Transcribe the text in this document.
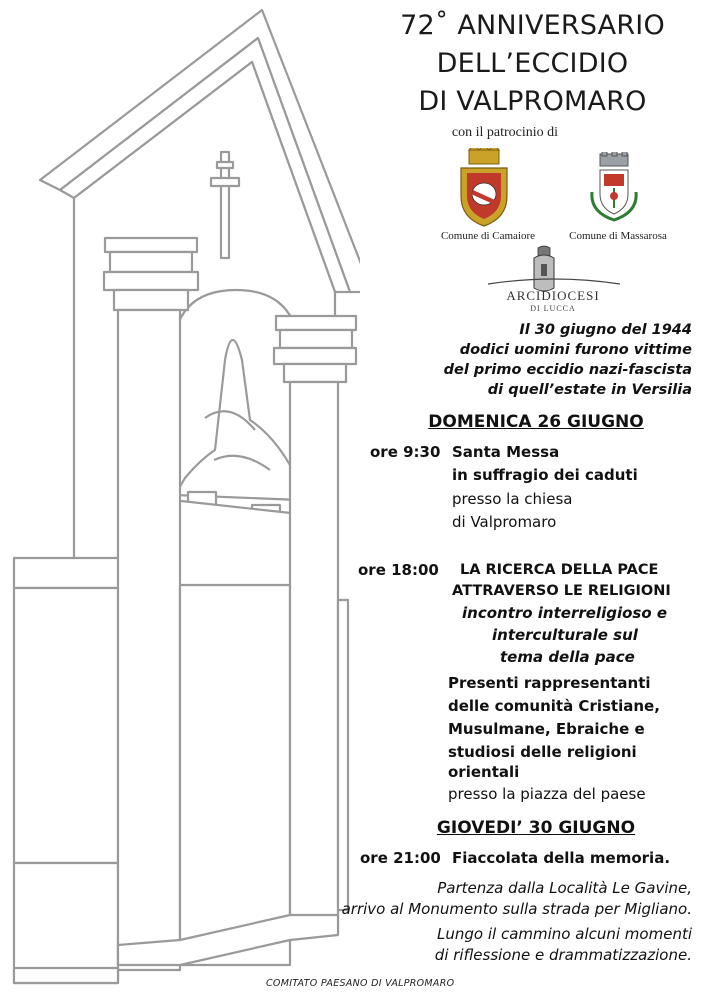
72˚ ANNIVERSARIO
DELL’ECCIDIO
DI VALPROMARO
con il patrocinio di
Comune di Camaiore	Comune di Massarosa
ARCIDIOCESI
DI LUCCA
Il 30 giugno del 1944
dodici uomini furono vittime
del primo eccidio nazi-fascista
di quell’estate in Versilia
DOMENICA 26 GIUGNO
ore 9:30 Santa Messa
in suffragio dei caduti
presso la chiesa
di Valpromaro
ore 18:00 LA RICERCA DELLA PACE
ATTRAVERSO LE RELIGIONI
incontro interreligioso e
interculturale sul
tema della pace
Presenti rappresentanti
delle comunità Cristiane,
Musulmane, Ebraiche e
studiosi delle religioni
orientali
presso la piazza del paese
GIOVEDI’ 30 GIUGNO
ore 21:00 Fiaccolata della memoria.
Partenza dalla Località Le Gavine,
arrivo al Monumento sulla strada per Migliano.
Lungo il cammino alcuni momenti
di riflessione e drammatizzazione.
COMITATO PAESANO DI VALPROMARO
